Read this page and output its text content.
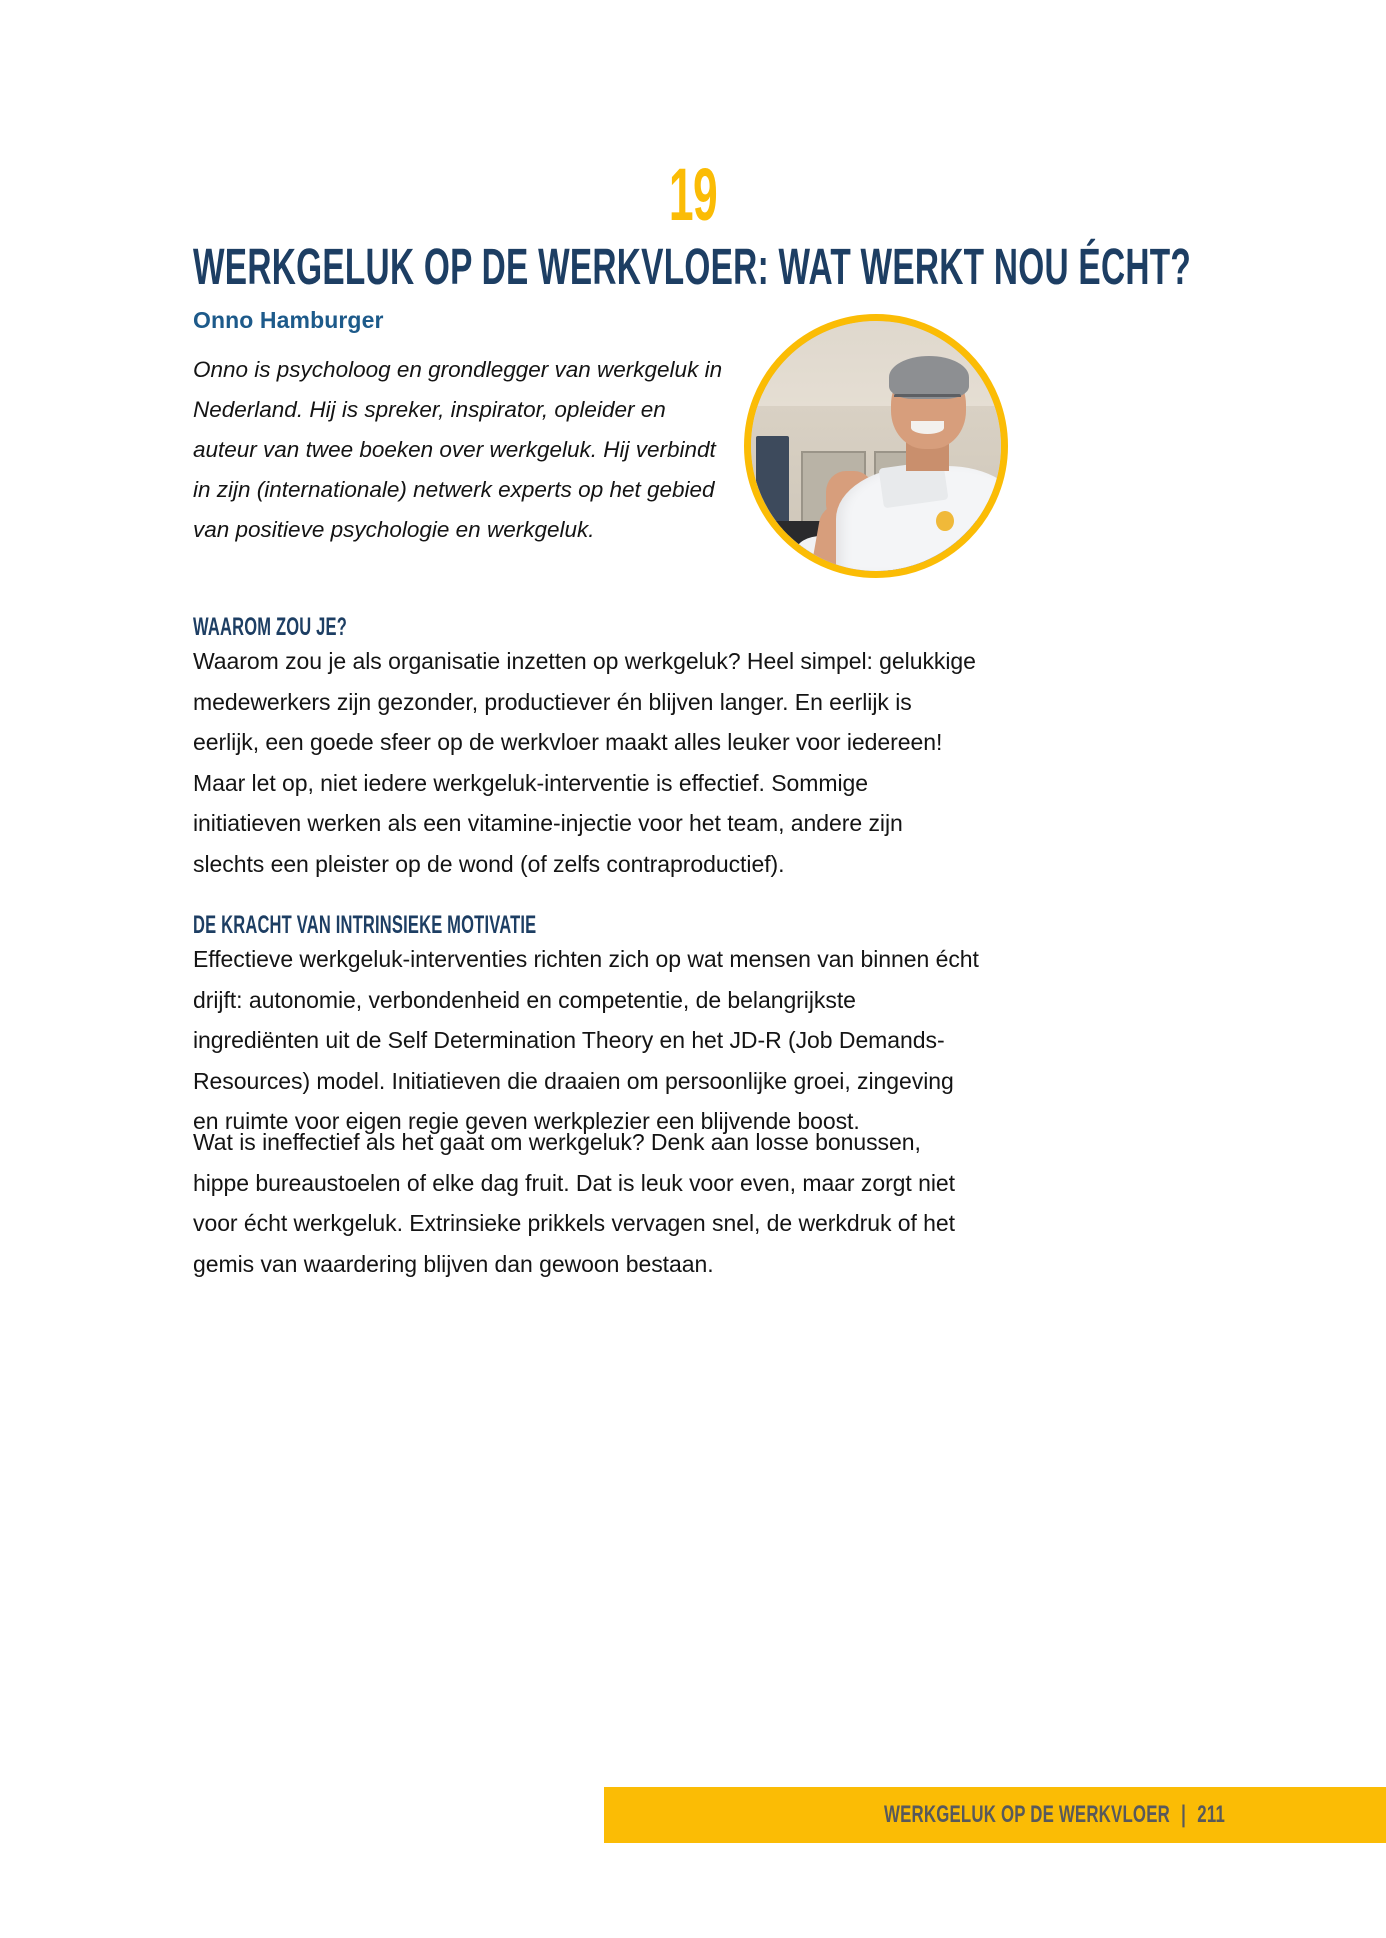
19
WERKGELUK OP DE WERKVLOER: WAT WERKT NOU ÉCHT?
Onno Hamburger
Onno is psycholoog en grondlegger van werkgeluk in Nederland. Hij is spreker, inspirator, opleider en auteur van twee boeken over werkgeluk. Hij verbindt in zijn (internationale) netwerk experts op het gebied van positieve psychologie en werkgeluk.
WAAROM ZOU JE?
Waarom zou je als organisatie inzetten op werkgeluk? Heel simpel: gelukkige medewerkers zijn gezonder, productiever én blijven langer. En eerlijk is eerlijk, een goede sfeer op de werkvloer maakt alles leuker voor iedereen! Maar let op, niet iedere werkgeluk-interventie is effectief. Sommige initiatieven werken als een vitamine-injectie voor het team, andere zijn slechts een pleister op de wond (of zelfs contraproductief).
DE KRACHT VAN INTRINSIEKE MOTIVATIE
Effectieve werkgeluk-interventies richten zich op wat mensen van binnen écht drijft: autonomie, verbondenheid en competentie, de belangrijkste ingrediënten uit de Self Determination Theory en het JD-R (Job Demands-Resources) model. Initiatieven die draaien om persoonlijke groei, zingeving en ruimte voor eigen regie geven werkplezier een blijvende boost.
Wat is ineffectief als het gaat om werkgeluk? Denk aan losse bonussen, hippe bureaustoelen of elke dag fruit. Dat is leuk voor even, maar zorgt niet voor écht werkgeluk. Extrinsieke prikkels vervagen snel, de werkdruk of het gemis van waardering blijven dan gewoon bestaan.
WERKGELUK OP DE WERKVLOER | 211
